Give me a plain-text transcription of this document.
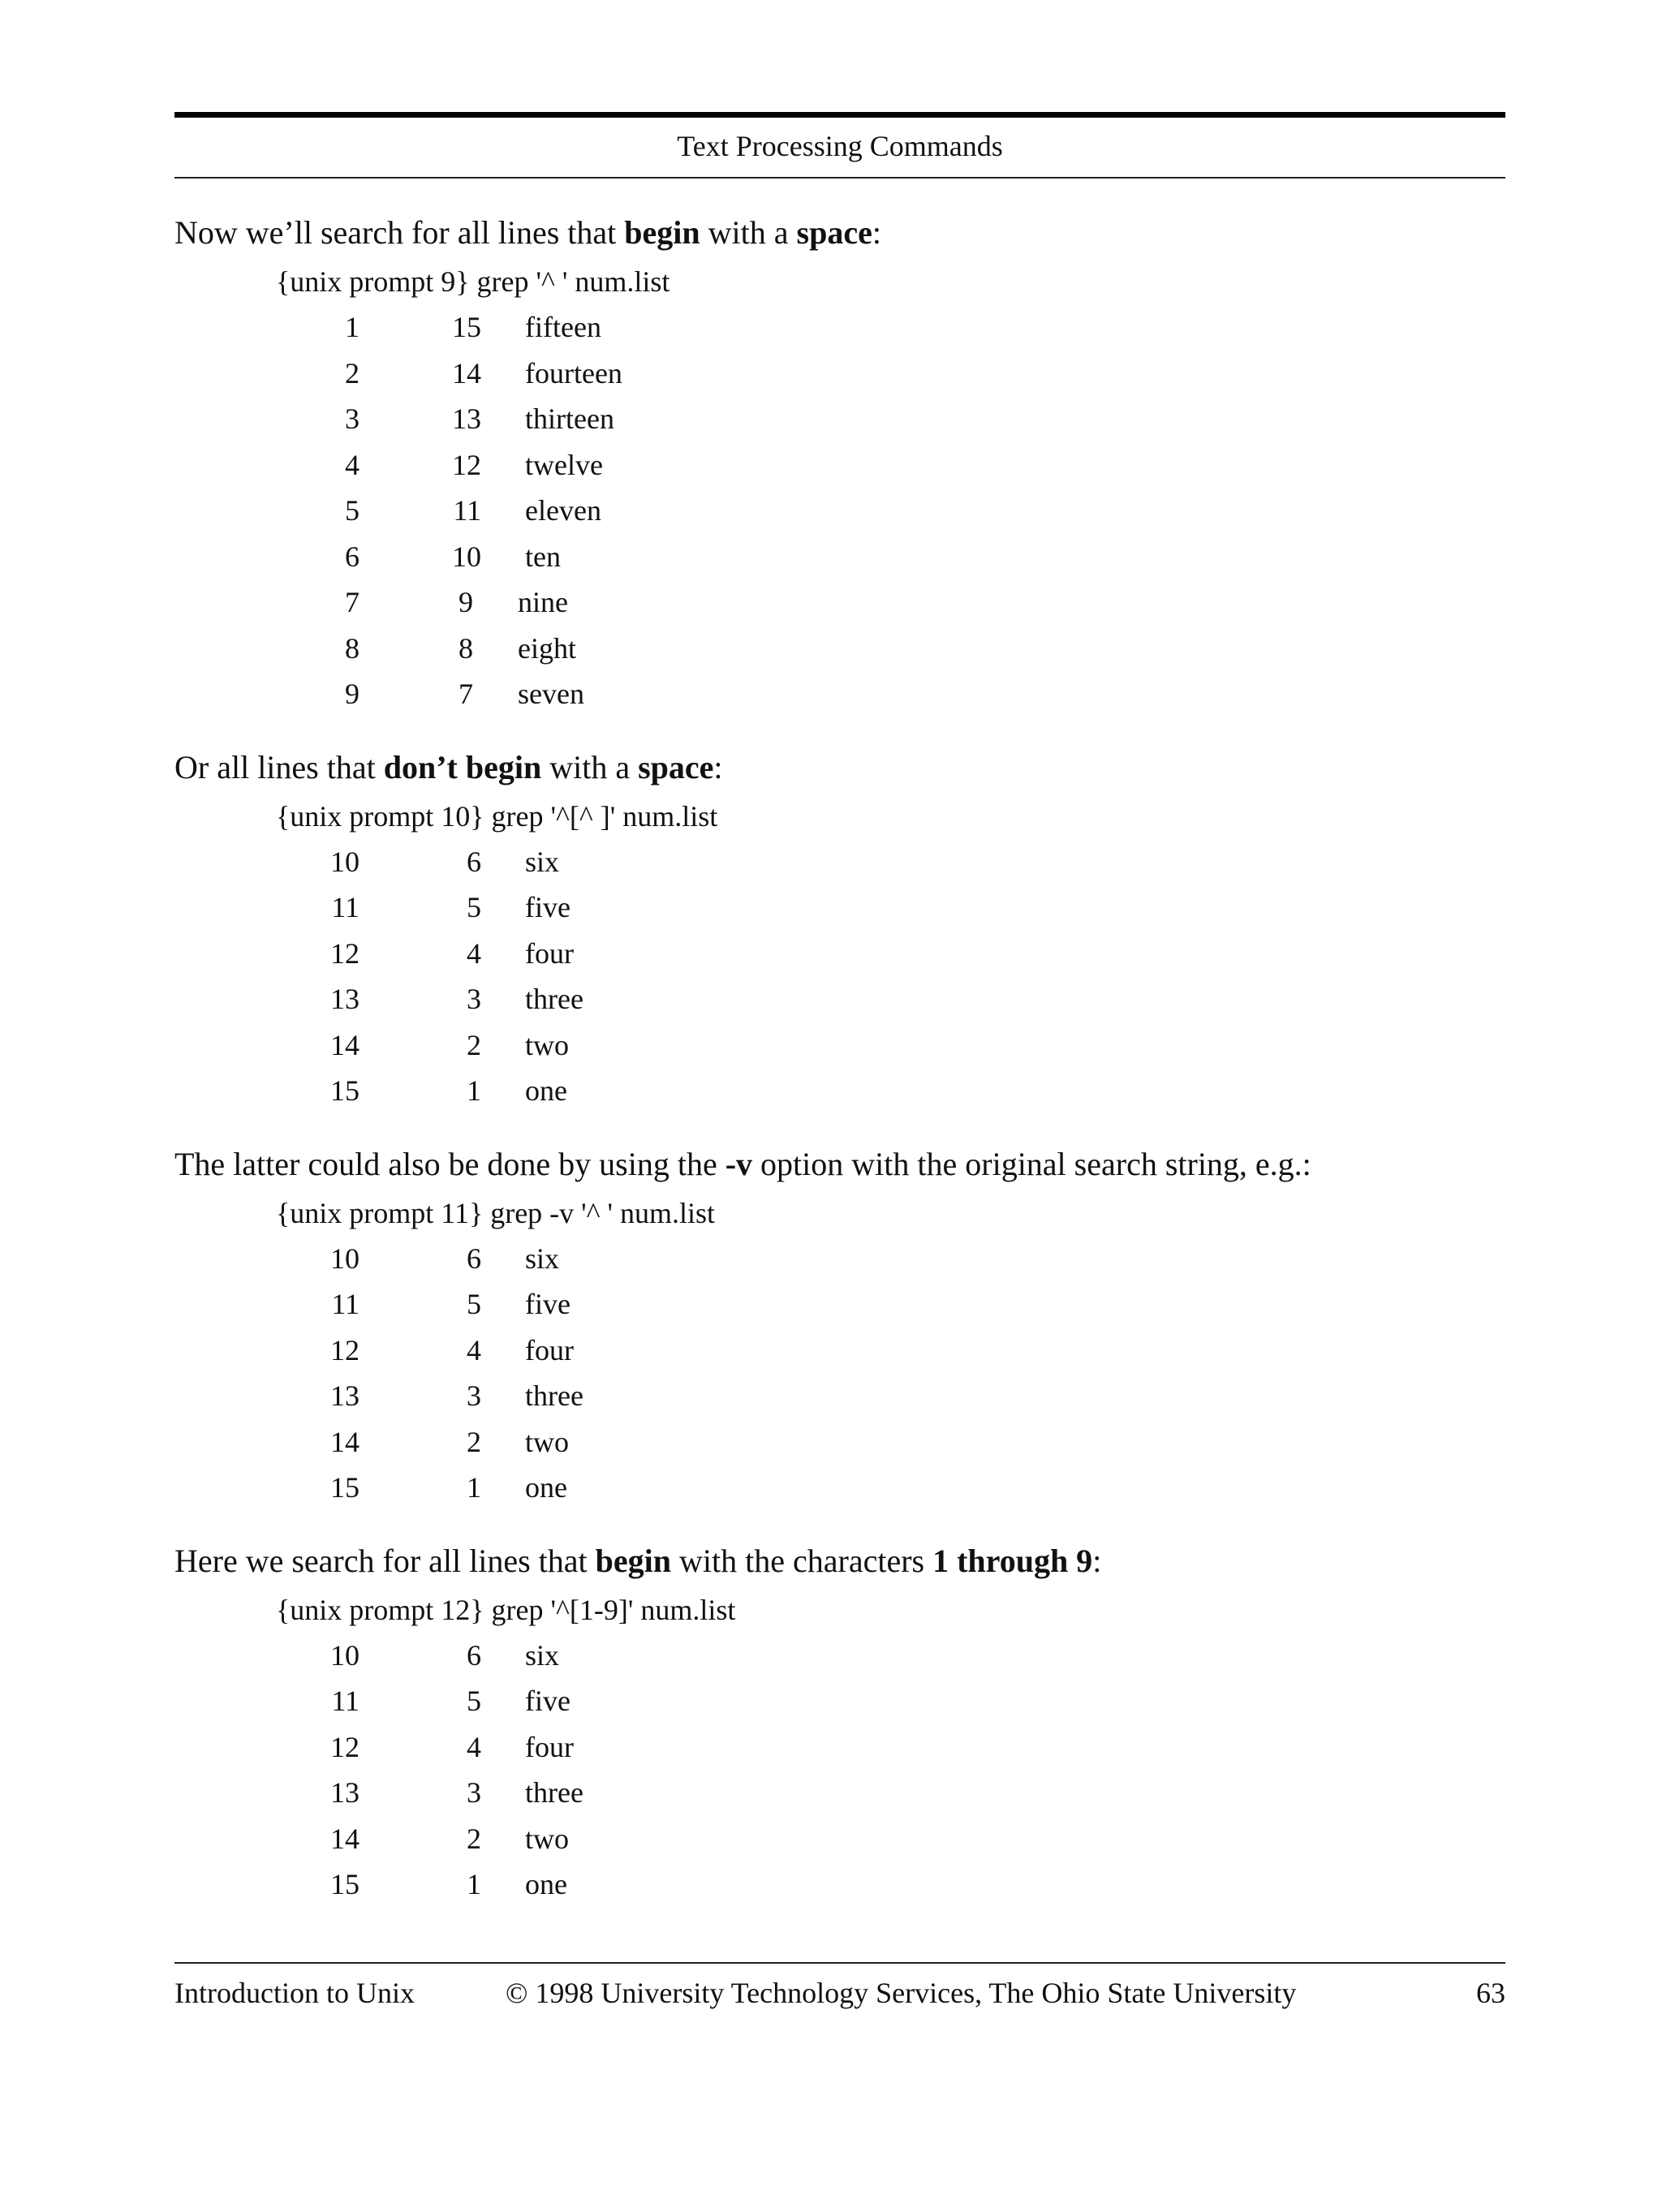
Text Processing Commands
Now we’ll search for all lines that begin with a space:
{unix prompt 9} grep '^ ' num.list
1	15 fifteen
2	14 fourteen
3	13 thirteen
4	12 twelve
5	11 eleven
6	10 ten
7	9 nine
8	8 eight
9	7 seven
Or all lines that don’t begin with a space:
{unix prompt 10} grep '^[^ ]' num.list
10	6 six
11	5 five
12	4 four
13	3 three
14	2 two
15	1 one
The latter could also be done by using the -v option with the original search string, e.g.:
{unix prompt 11} grep -v '^ ' num.list
10	6 six
11	5 five
12	4 four
13	3 three
14	2 two
15	1 one
Here we search for all lines that begin with the characters 1 through 9:
{unix prompt 12} grep '^[1-9]' num.list
10	6 six
11	5 five
12	4 four
13	3 three
14	2 two
15	1 one
Introduction to Unix	© 1998 University Technology Services, The Ohio State University	63
